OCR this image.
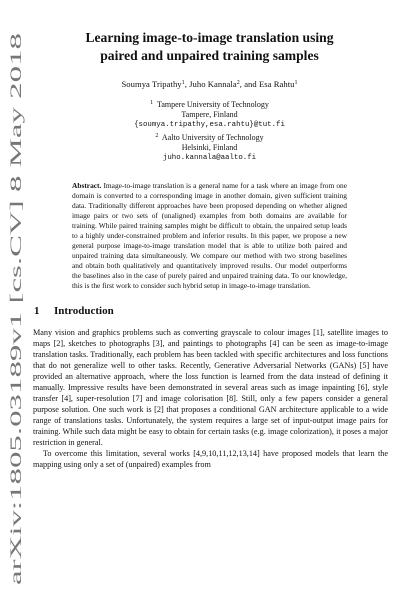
arXiv:1805.03189v1 [cs.CV] 8 May 2018
Learning image-to-image translation using paired and unpaired training samples
Soumya Tripathy$^1$, Juho Kannala$^2$, and Esa Rahtu$^1$
$^1$ Tampere University of Technology
Tampere, Finland
{soumya.tripathy,esa.rahtu}@tut.fi
$^2$ Aalto University of Technology
Helsinki, Finland
juho.kannala@aalto.fi
Abstract. Image-to-image translation is a general name for a task where an image from one domain is converted to a corresponding image in another domain, given sufficient training data. Traditionally different approaches have been proposed depending on whether aligned image pairs or two sets of (unaligned) examples from both domains are available for training. While paired training samples might be difficult to obtain, the unpaired setup leads to a highly under-constrained problem and inferior results. In this paper, we propose a new general purpose image-to-image translation model that is able to utilize both paired and unpaired training data simultaneously. We compare our method with two strong baselines and obtain both qualitatively and quantitatively improved results. Our model outperforms the baselines also in the case of purely paired and unpaired training data. To our knowledge, this is the first work to consider such hybrid setup in image-to-image translation.
1 Introduction

Many vision and graphics problems such as converting grayscale to colour images [1], satellite images to maps [2], sketches to photographs [3], and paintings to photographs [4] can be seen as image-to-image translation tasks. Traditionally, each problem has been tackled with specific architectures and loss functions that do not generalize well to other tasks. Recently, Generative Adversarial Networks (GANs) [5] have provided an alternative approach, where the loss function is learned from the data instead of defining it manually. Impressive results have been demonstrated in several areas such as image inpainting [6], style transfer [4], super-resolution [7] and image colorisation [8]. Still, only a few papers consider a general purpose solution. One such work is [2] that proposes a conditional GAN architecture applicable to a wide range of translations tasks. Unfortunately, the system requires a large set of input-output image pairs for training. While such data might be easy to obtain for certain tasks (e.g. image colorization), it poses a major restriction in general.

To overcome this limitation, several works [4,9,10,11,12,13,14] have proposed models that learn the mapping using only a set of (unpaired) examples from
